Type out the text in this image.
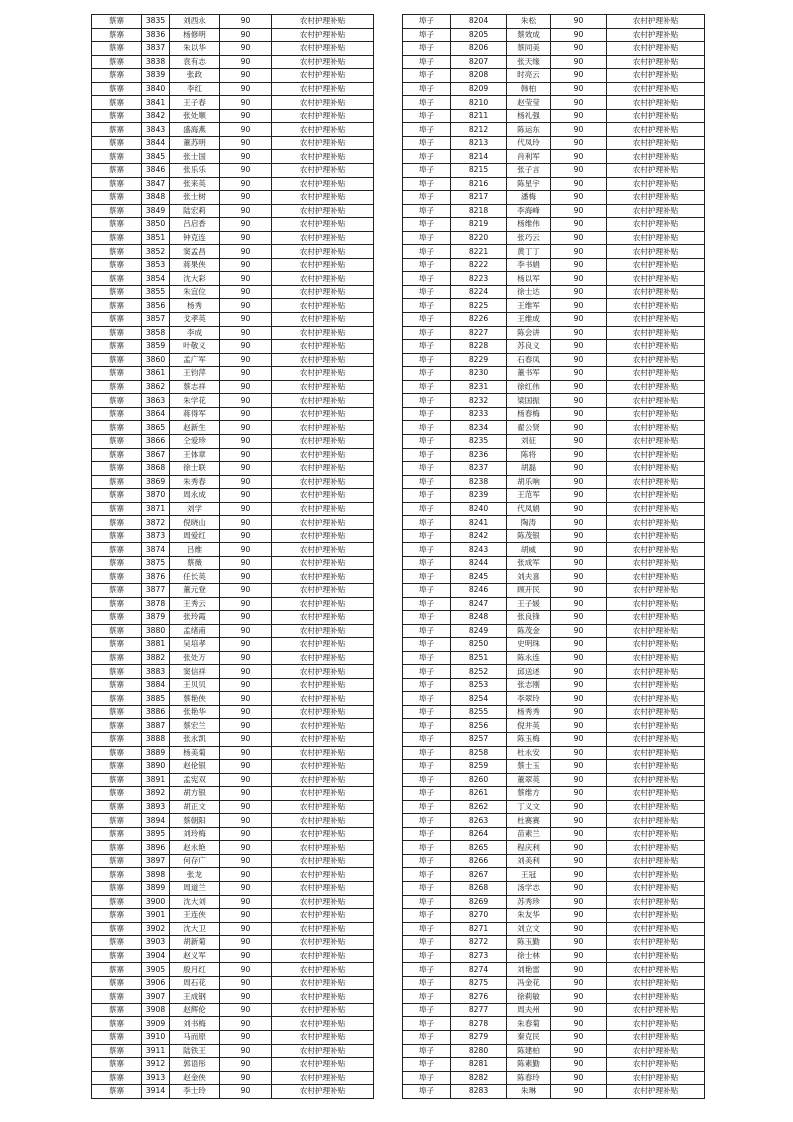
蔡寨	3835	刘西永	90	农村护理补贴
蔡寨	3836	杨修明	90	农村护理补贴
蔡寨	3837	朱以华	90	农村护理补贴
蔡寨	3838	袁有志	90	农村护理补贴
蔡寨	3839	张政	90	农村护理补贴
蔡寨	3840	李红	90	农村护理补贴
蔡寨	3841	王子春	90	农村护理补贴
蔡寨	3842	张处顺	90	农村护理补贴
蔡寨	3843	盛海燕	90	农村护理补贴
蔡寨	3844	董苏明	90	农村护理补贴
蔡寨	3845	张士国	90	农村护理补贴
蔡寨	3846	张乐乐	90	农村护理补贴
蔡寨	3847	张来英	90	农村护理补贴
蔡寨	3848	张士树	90	农村护理补贴
蔡寨	3849	陆宏莉	90	农村护理补贴
蔡寨	3850	吕启香	90	农村护理补贴
蔡寨	3851	钟克连	90	农村护理补贴
蔡寨	3852	窦孟昌	90	农村护理补贴
蔡寨	3853	蒋果侠	90	农村护理补贴
蔡寨	3854	沈大彩	90	农村护理补贴
蔡寨	3855	朱宜位	90	农村护理补贴
蔡寨	3856	杨秀	90	农村护理补贴
蔡寨	3857	戈孝英	90	农村护理补贴
蔡寨	3858	李成	90	农村护理补贴
蔡寨	3859	叶敬义	90	农村护理补贴
蔡寨	3860	孟广军	90	农村护理补贴
蔡寨	3861	王钧萍	90	农村护理补贴
蔡寨	3862	蔡志祥	90	农村护理补贴
蔡寨	3863	朱学花	90	农村护理补贴
蔡寨	3864	蒋得军	90	农村护理补贴
蔡寨	3865	赵新生	90	农村护理补贴
蔡寨	3866	仝爱珍	90	农村护理补贴
蔡寨	3867	王体章	90	农村护理补贴
蔡寨	3868	徐士联	90	农村护理补贴
蔡寨	3869	朱秀春	90	农村护理补贴
蔡寨	3870	周永成	90	农村护理补贴
蔡寨	3871	刘学	90	农村护理补贴
蔡寨	3872	倪晓山	90	农村护理补贴
蔡寨	3873	周爱红	90	农村护理补贴
蔡寨	3874	吕维	90	农村护理补贴
蔡寨	3875	蔡薇	90	农村护理补贴
蔡寨	3876	任长英	90	农村护理补贴
蔡寨	3877	董元登	90	农村护理补贴
蔡寨	3878	王秀云	90	农村护理补贴
蔡寨	3879	张玲霞	90	农村护理补贴
蔡寨	3880	孟绪甫	90	农村护理补贴
蔡寨	3881	吴培孝	90	农村护理补贴
蔡寨	3882	张处万	90	农村护理补贴
蔡寨	3883	窦信祥	90	农村护理补贴
蔡寨	3884	王贝贝	90	农村护理补贴
蔡寨	3885	蔡艳侠	90	农村护理补贴
蔡寨	3886	张艳华	90	农村护理补贴
蔡寨	3887	蔡宏兰	90	农村护理补贴
蔡寨	3888	张永凯	90	农村护理补贴
蔡寨	3889	杨美菊	90	农村护理补贴
蔡寨	3890	赵伦银	90	农村护理补贴
蔡寨	3891	孟宪双	90	农村护理补贴
蔡寨	3892	胡方银	90	农村护理补贴
蔡寨	3893	胡正文	90	农村护理补贴
蔡寨	3894	蔡朝阳	90	农村护理补贴
蔡寨	3895	刘玲梅	90	农村护理补贴
蔡寨	3896	赵永艳	90	农村护理补贴
蔡寨	3897	何存广	90	农村护理补贴
蔡寨	3898	张龙	90	农村护理补贴
蔡寨	3899	周道兰	90	农村护理补贴
蔡寨	3900	沈大刘	90	农村护理补贴
蔡寨	3901	王连侠	90	农村护理补贴
蔡寨	3902	沈大卫	90	农村护理补贴
蔡寨	3903	胡新菊	90	农村护理补贴
蔡寨	3904	赵义军	90	农村护理补贴
蔡寨	3905	殷月红	90	农村护理补贴
蔡寨	3906	周石花	90	农村护理补贴
蔡寨	3907	王成钢	90	农村护理补贴
蔡寨	3908	赵辉伦	90	农村护理补贴
蔡寨	3909	刘书梅	90	农村护理补贴
蔡寨	3910	马而原	90	农村护理补贴
蔡寨	3911	陆铁王	90	农村护理补贴
蔡寨	3912	郭语彤	90	农村护理补贴
蔡寨	3913	赵金侠	90	农村护理补贴
蔡寨	3914	李士玲	90	农村护理补贴
埠子	8204	朱松	90	农村护理补贴
埠子	8205	蔡效成	90	农村护理补贴
埠子	8206	蔡同美	90	农村护理补贴
埠子	8207	张天缘	90	农村护理补贴
埠子	8208	时亮云	90	农村护理补贴
埠子	8209	韩柏	90	农村护理补贴
埠子	8210	赵莹莹	90	农村护理补贴
埠子	8211	杨礼强	90	农村护理补贴
埠子	8212	陈运东	90	农村护理补贴
埠子	8213	代凤玲	90	农村护理补贴
埠子	8214	肖利军	90	农村护理补贴
埠子	8215	张子言	90	农村护理补贴
埠子	8216	陈星宇	90	农村护理补贴
埠子	8217	潘梅	90	农村护理补贴
埠子	8218	李海峰	90	农村护理补贴
埠子	8219	杨维伟	90	农村护理补贴
埠子	8220	张巧云	90	农村护理补贴
埠子	8221	黄丁丁	90	农村护理补贴
埠子	8222	李书娟	90	农村护理补贴
埠子	8223	杨以军	90	农村护理补贴
埠子	8224	徐士达	90	农村护理补贴
埠子	8225	王维军	90	农村护理补贴
埠子	8226	王维成	90	农村护理补贴
埠子	8227	陈会讲	90	农村护理补贴
埠子	8228	苏良义	90	农村护理补贴
埠子	8229	石春凤	90	农村护理补贴
埠子	8230	董书军	90	农村护理补贴
埠子	8231	徐红伟	90	农村护理补贴
埠子	8232	梁国振	90	农村护理补贴
埠子	8233	杨春梅	90	农村护理补贴
埠子	8234	翟公贤	90	农村护理补贴
埠子	8235	刘征	90	农村护理补贴
埠子	8236	陈将	90	农村护理补贴
埠子	8237	胡磊	90	农村护理补贴
埠子	8238	胡乐响	90	农村护理补贴
埠子	8239	王范军	90	农村护理补贴
埠子	8240	代凤娟	90	农村护理补贴
埠子	8241	陶涛	90	农村护理补贴
埠子	8242	陈茂银	90	农村护理补贴
埠子	8243	胡威	90	农村护理补贴
埠子	8244	张成军	90	农村护理补贴
埠子	8245	刘夫喜	90	农村护理补贴
埠子	8246	顾开民	90	农村护理补贴
埠子	8247	王子媛	90	农村护理补贴
埠子	8248	张良锋	90	农村护理补贴
埠子	8249	陈茂金	90	农村护理补贴
埠子	8250	史明珠	90	农村护理补贴
埠子	8251	陈永连	90	农村护理补贴
埠子	8252	邱送述	90	农村护理补贴
埠子	8253	张志刚	90	农村护理补贴
埠子	8254	李翠玲	90	农村护理补贴
埠子	8255	杨秀秀	90	农村护理补贴
埠子	8256	倪井英	90	农村护理补贴
埠子	8257	陈玉梅	90	农村护理补贴
埠子	8258	杜永安	90	农村护理补贴
埠子	8259	蔡士玉	90	农村护理补贴
埠子	8260	董翠英	90	农村护理补贴
埠子	8261	蔡维方	90	农村护理补贴
埠子	8262	丁义文	90	农村护理补贴
埠子	8263	杜赛赛	90	农村护理补贴
埠子	8264	苗素兰	90	农村护理补贴
埠子	8265	程庆利	90	农村护理补贴
埠子	8266	刘美利	90	农村护理补贴
埠子	8267	王冠	90	农村护理补贴
埠子	8268	汤学志	90	农村护理补贴
埠子	8269	苏秀珍	90	农村护理补贴
埠子	8270	朱友华	90	农村护理补贴
埠子	8271	刘立文	90	农村护理补贴
埠子	8272	陈玉勤	90	农村护理补贴
埠子	8273	徐士林	90	农村护理补贴
埠子	8274	刘艳雷	90	农村护理补贴
埠子	8275	冯金花	90	农村护理补贴
埠子	8276	徐莉敏	90	农村护理补贴
埠子	8277	周夫州	90	农村护理补贴
埠子	8278	朱春菊	90	农村护理补贴
埠子	8279	秦克民	90	农村护理补贴
埠子	8280	陈建柏	90	农村护理补贴
埠子	8281	陈素勤	90	农村护理补贴
埠子	8282	陈春玲	90	农村护理补贴
埠子	8283	朱琳	90	农村护理补贴
